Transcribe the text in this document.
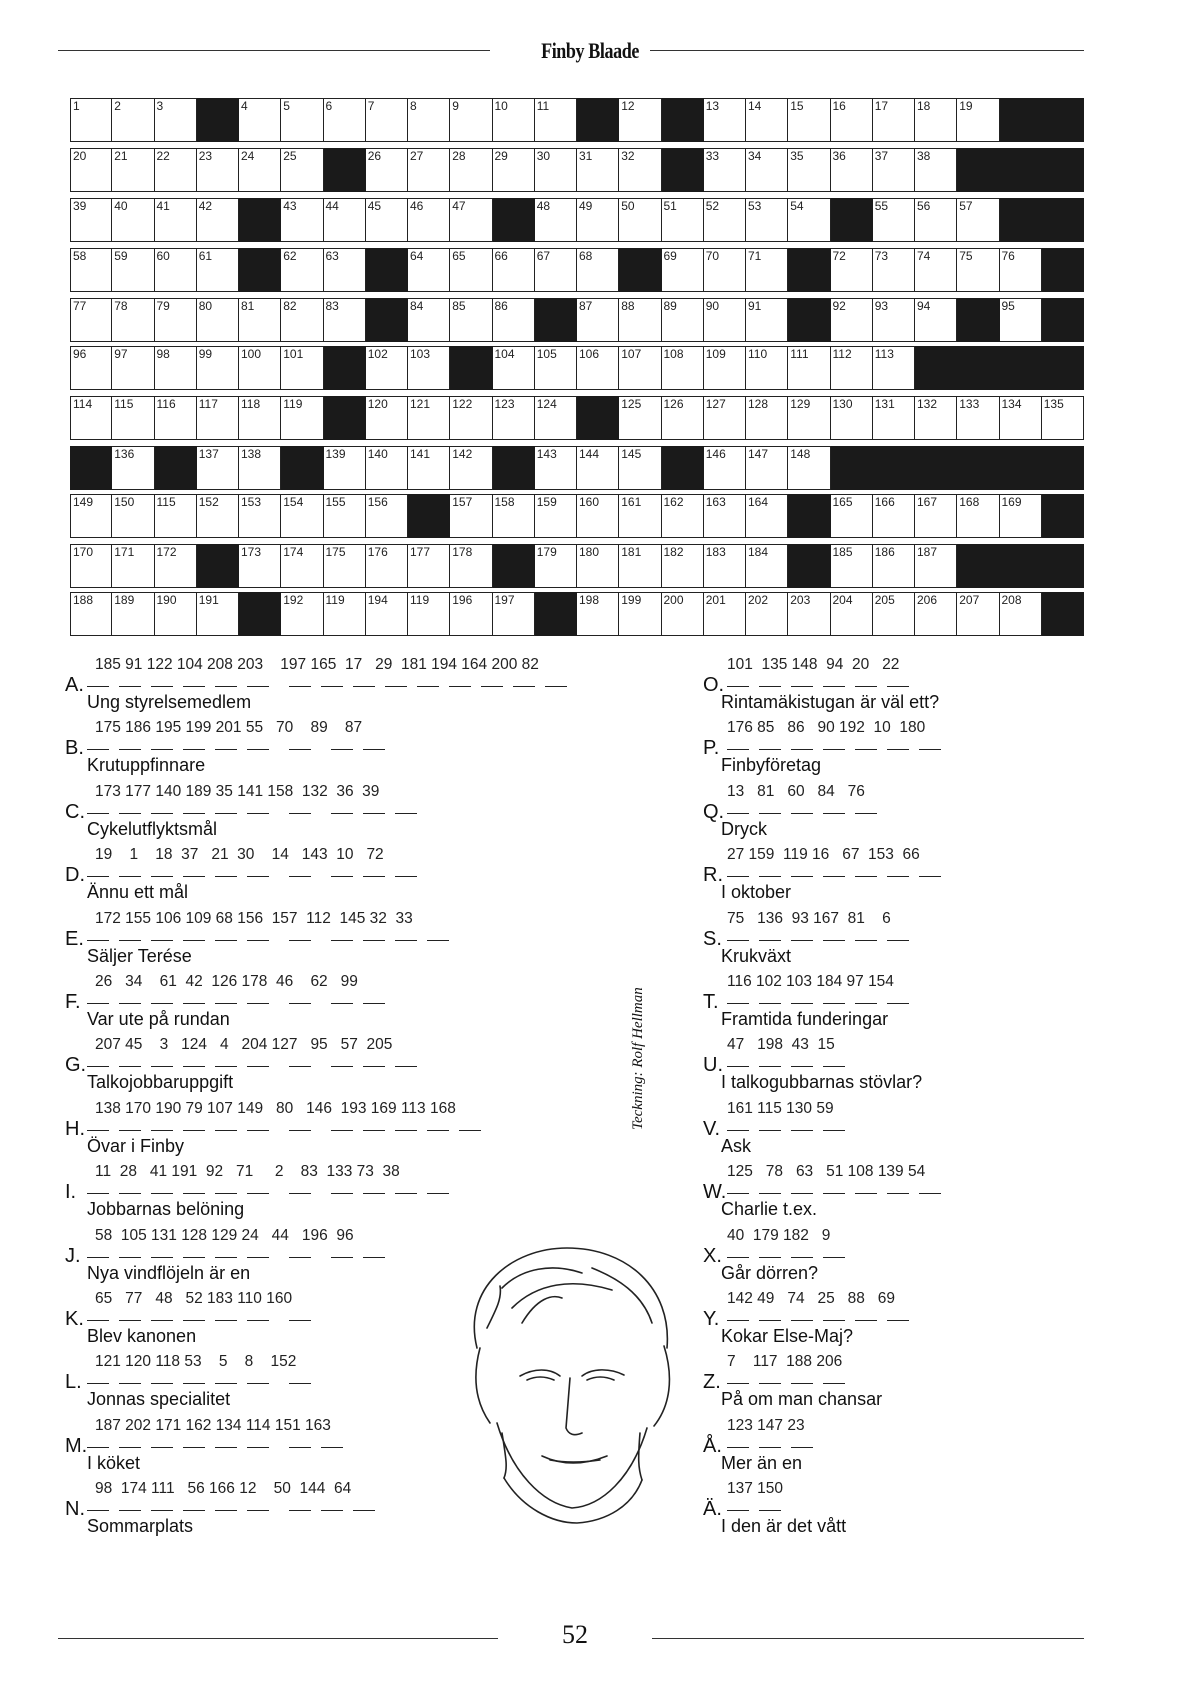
Finby Blaade
1	2	3	4	5	6	7	8	9	10 11	12	13 14 15 16 17 18 19
20 21 22 23 24 25	26 27 28 29 30 31 32	33 34 35 36 37 38
39 40 41 42	43 44 45 46 47	48 49 50 51 52 53 54	55 56 57
58 59 60 61	62 63	64 65 66 67 68	69 70 71	72 73 74 75 76
77 78 79 80 81 82 83	84 85 86	87 88 89 90 91	92 93 94	95
96 97 98 99 100 101	102 103	104 105 106 107 108 109 110 111 112 113
114 115 116 117 118 119	120 121 122 123 124	125 126 127 128 129 130 131 132 133 134 135
136	137 138	139 140 141 142	143 144 145	146 147 148
149 150 115 152 153 154 155 156	157 158 159 160 161 162 163 164	165 166 167 168 169
170 171 172	173 174 175 176 177 178	179 180 181 182 183 184	185 186 187
188 189 190 191	192 119 194 119 196 197	198 199 200 201 202 203 204 205 206 207 208
185 91 122 104 208 203    197 165  17   29  181 194 164 200 82
A.
Ung styrelsemedlem
175 186 195 199 201 55   70    89    87
B.
Krutuppfinnare
173 177 140 189 35 141 158  132  36  39
C.
Cykelutflyktsmål
19    1    18  37   21  30    14   143  10   72
D.
Ännu ett mål
172 155 106 109 68 156  157  112  145 32  33
E.
Säljer Terése
26   34    61  42  126 178  46    62   99
F.
Var ute på rundan
207 45    3   124   4   204 127   95   57  205
G.
Talkojobbaruppgift
138 170 190 79 107 149   80   146  193 169 113 168
H.
Övar i Finby
11  28   41 191  92   71     2    83  133 73  38
I.
Jobbarnas belöning
58  105 131 128 129 24   44   196  96
J.
Nya vindflöjeln är en
65   77   48   52 183 110 160
K.
Blev kanonen
121 120 118 53    5    8    152
L.
Jonnas specialitet
187 202 171 162 134 114 151 163
M.
I köket
98  174 111   56 166 12    50  144  64
N.
Sommarplats
101  135 148  94  20   22
O.
Rintamäkistugan är väl ett?
176 85   86   90 192  10  180
P.
Finbyföretag
13   81   60   84   76
Q.
Dryck
27 159  119 16   67  153  66
R.
I oktober
75   136  93 167  81    6
S.
Krukväxt
116 102 103 184 97 154
T.
Framtida funderingar
47   198  43  15
U.
I talkogubbarnas stövlar?
161 115 130 59
V.
Ask
125   78   63   51 108 139 54
W.
Charlie t.ex.
40  179 182   9
X.
Går dörren?
142 49   74   25   88   69
Y.
Kokar Else-Maj?
7    117  188 206
Z.
På om man chansar
123 147 23
Å.
Mer än en
137 150
Ä.
I den är det vått
Teckning: Rolf Hellman
52
